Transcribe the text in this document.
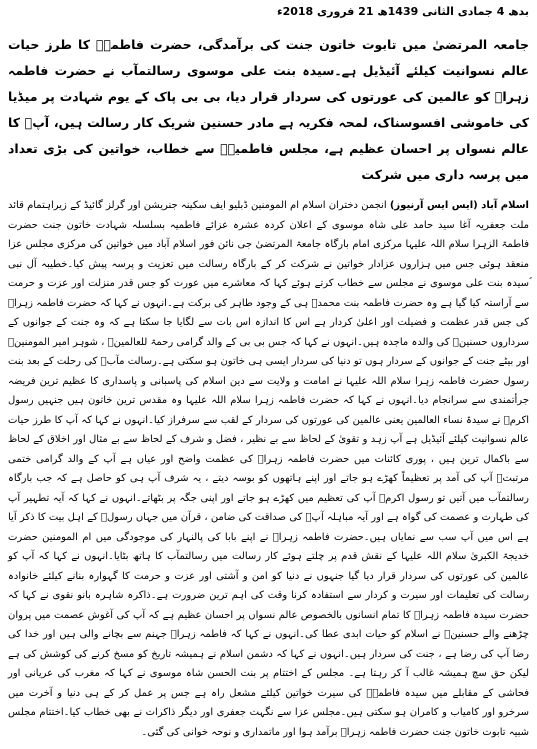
بدھ 4 جمادی الثانی 1439ھ 21 فروری 2018ء
جامعہ المرتضیٰ میں تابوت خاتون جنت کی برآمدگی، حضرت فاطمہؑ کا طرز حیات عالم نسوانیت کیلئے آئیڈیل ہے۔سیدہ بنت علی موسوی رسالتمآب نے حضرت فاطمہ زہراؑ کو عالمین کی عورتوں کی سردار قرار دیا، بی بی پاک کے یوم شہادت پر میڈیا کی خاموشی افسوسناک، لمحہ فکریہ ہے مادر حسنین شریک کار رسالت ہیں، آپؑ کا عالم نسواں پر احسان عظیم ہے، مجلس فاطمیہؑ سے خطاب، خواتین کی بڑی تعداد میں پرسہ داری میں شرکت

اسلام آباد (ایس ایس آرنیوز) انجمن دختران اسلام ام المومنین ڈبلیو ایف سکینہ جنریشن اور گرلز گائیڈ کے زیراہتمام قائد ملت جعفریہ آغا سید حامد علی شاہ موسوی کے اعلان کردہ عشرہ عزائے فاطمیہ بسلسلہ شہادت خاتون جنت حضرت فاطمۃ الزہرا سلام اللہ علیہا مرکزی امام بارگاہ جامعۃ المرتضیٰ جی نائن فور اسلام آباد میں خواتین کی مرکزی مجلس عزا منعقد ہوئی جس میں ہزاروں عزادار خواتین نے شرکت کر کے بارگاہ رسالت میں تعزیت و پرسہ پیش کیا۔خطیبہ آل نبی ؐسیدہ بنت علی موسوی نے مجلس سے خطاب کرتے ہوئے کہا کہ معاشرے میں عورت کو جس قدر منزلت اور عزت و حرمت سے آراستہ کیا گیا ہے وہ حضرت فاطمہ بنت محمدؐ ہی کے وجود طاہر کی برکت ہے۔انہوں نے کہا کہ حضرت فاطمہ زہراؑ کی جس قدر عظمت و فضیلت اور اعلیٰ کردار ہے اس کا اندازہ اس بات سے لگایا جا سکتا ہے کہ وہ جنت کے جوانوں کے سرداروں حسنینؑ کی والدہ ماجدہ ہیں۔انہوں نے کہا کہ جس بی بی کے والد گرامی رحمۃ للعالمینؐ ، شوہر امیر المومنینؑ اور بیٹے جنت کے جوانوں کے سردار ہوں تو دنیا کی سردار ایسی ہی خاتون ہو سکتی ہے۔رسالت مآبؐ کی رحلت کے بعد بنت رسول حضرت فاطمہ زہرا سلام اللہ علیہا نے امامت و ولایت سے دین اسلام کی پاسبانی و پاسداری کا عظیم ترین فریضہ جرأتمندی سے سرانجام دیا۔انہوں نے کہا کہ حضرت فاطمہ زہرا سلام اللہ علیہا وہ مقدس ترین خاتون ہیں جنہیں رسول اکرمؐ نے سیدۃ نساء العالمین یعنی عالمین کی عورتوں کی سردار کے لقب سے سرفراز کیا۔انہوں نے کہا کہ آپ کا طرز حیات عالم نسوانیت کیلئے آئیڈیل ہے آپ زہد و تقویٰ کے لحاظ سے بے نظیر ، فضل و شرف کے لحاظ سے بے مثال اور اخلاق کے لحاظ سے باکمال ترین ہیں ، پوری کائنات میں حضرت فاطمہ زہراؑ کی عظمت واضح اور عیاں ہے آپ کے والد گرامی ختمی مرتبتؐ آپ کی آمد پر تعظیماً کھڑے ہو جاتے اور اپنے ہاتھوں کو بوسہ دیتے ، یہ شرف آپ ہی کو حاصل ہے کہ جب بارگاہ رسالتمآب میں آتیں تو رسول اکرمؐ آپ کی تعظیم میں کھڑے ہو جاتے اور اپنی جگہ پر بٹھاتے۔انہوں نے کہا کہ آیہ تطہیر آپ کی طہارت و عصمت کی گواہ ہے اور آیہ مباہلہ آپؑ کی صداقت کی ضامن ، قرآن میں جہاں رسولؐ کے اہل بیت کا ذکر آیا ہے اس میں آپ سب سے نمایاں ہیں۔حضرت فاطمہ زہراؑ نے اپنے بابا کی پالنہار کی موجودگی میں ام المومنین حضرت خدیجۃ الکبریٰ سلام اللہ علیہا کے نقش قدم پر چلتے ہوئے کار رسالت میں رسالتمآب کا ہاتھ بٹایا۔انہوں نے کہا کہ آپ کو عالمین کی عورتوں کی سردار قرار دیا گیا جنہوں نے دنیا کو امن و آشتی اور عزت و حرمت کا گہوارہ بنانے کیلئے خانوادہ رسالت کی تعلیمات اور سیرت و کردار سے استفادہ کرنا وقت کی اہم ترین ضرورت ہے۔ذاکرہ شاہرہ بانو نقوی نے کہا کہ حضرت سیدہ فاطمہ زہراؑ کا تمام انسانوں بالخصوص عالم نسواں پر احسان عظیم ہے کہ آپ کی آغوش عصمت میں پروان چڑھنے والے حسنینؑ نے اسلام کو حیات ابدی عطا کی۔انہوں نے کہا کہ فاطمہ زہراؑ جہنم سے بچانے والی ہیں اور خدا کی رضا آپ کی رضا ہے ، جنت کی سردار ہیں۔انہوں نے کہا کہ دشمن اسلام نے ہمیشہ تاریخ کو مسخ کرنے کی کوشش کی ہے لیکن حق سچ ہمیشہ غالب آ کر رہتا ہے۔ مجلس کے اختتام پر بنت الحسن شاہ موسوی نے کہا کہ مغرب کی عریانی اور فحاشی کے مقابلے میں سیدہ فاطمہؑ کی سیرت خواتین کیلئے مشعل راہ ہے جس پر عمل کر کے ہی دنیا و آخرت میں سرخرو اور کامیاب و کامران ہو سکتی ہیں۔مجلس عزا سے نگہت جعفری اور دیگر ذاکرات نے بھی خطاب کیا۔اختتام مجلس شبیہ تابوت خاتون جنت حضرت فاطمہ زہراؑ برآمد ہوا اور ماتمداری و نوحہ خوانی کی گئی۔
